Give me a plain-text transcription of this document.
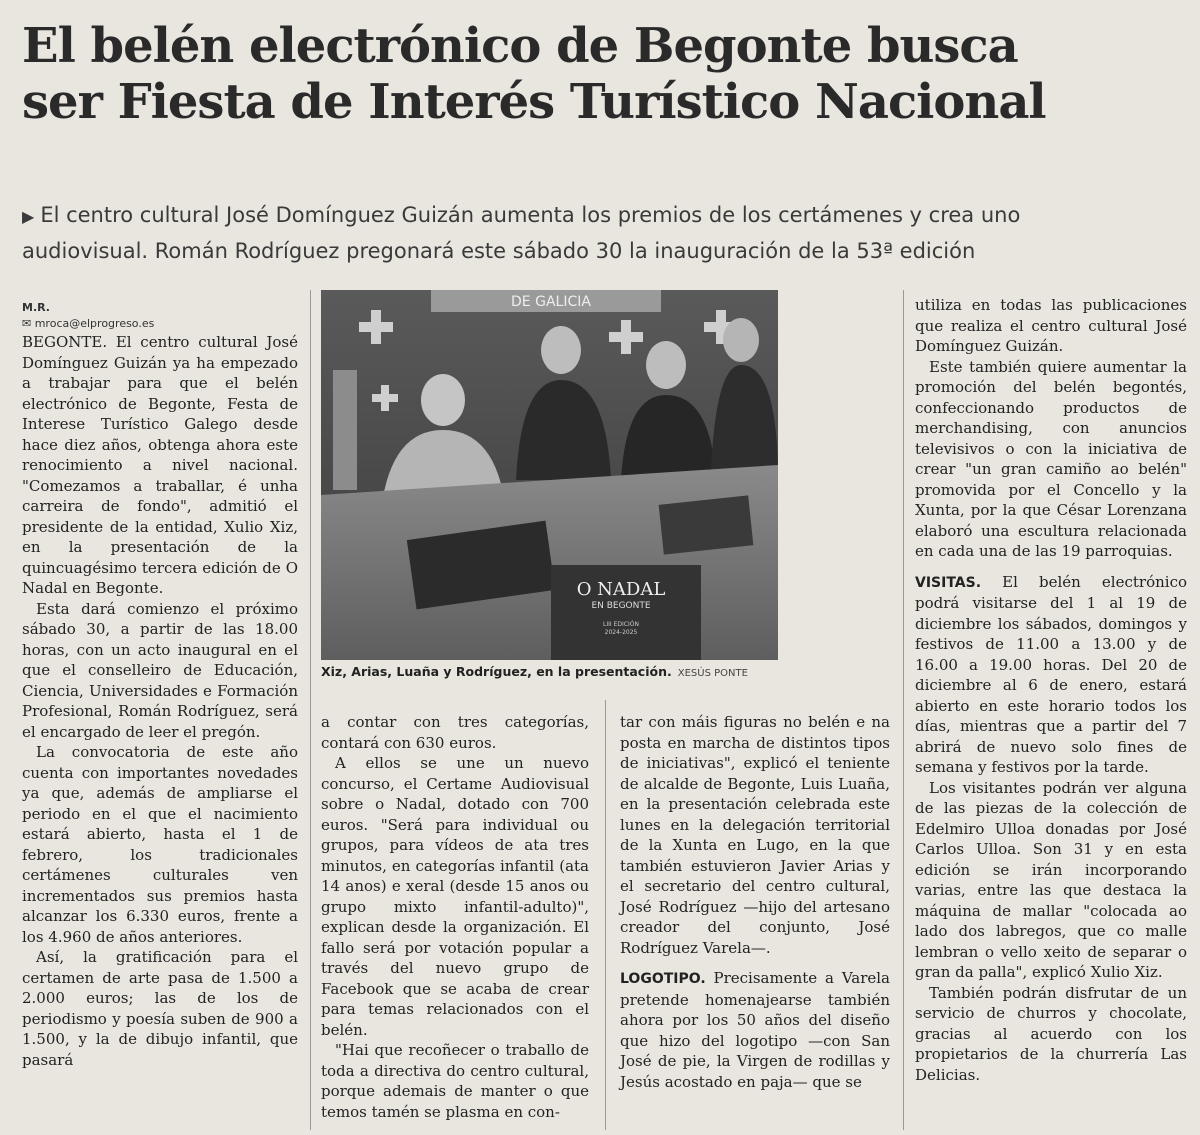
El belén electrónico de Begonte busca
ser Fiesta de Interés Turístico Nacional
▶ El centro cultural José Domínguez Guizán aumenta los premios de los certámenes y crea uno
audiovisual. Román Rodríguez pregonará este sábado 30 la inauguración de la 53ª edición
M.R.
✉ mroca@elprogreso.es

BEGONTE. El centro cultural José Domínguez Guizán ya ha empezado a trabajar para que el belén electrónico de Begonte, Festa de Interese Turístico Galego desde hace diez años, obtenga ahora este renocimiento a nivel nacional. "Comezamos a traballar, é unha carreira de fondo", admitió el presidente de la entidad, Xulio Xiz, en la presentación de la quincuagésimo tercera edición de O Nadal en Begonte.

Esta dará comienzo el próximo sábado 30, a partir de las 18.00 horas, con un acto inaugural en el que el conselleiro de Educación, Ciencia, Universidades e Formación Profesional, Román Rodríguez, será el encargado de leer el pregón.

La convocatoria de este año cuenta con importantes novedades ya que, además de ampliarse el periodo en el que el nacimiento estará abierto, hasta el 1 de febrero, los tradicionales certámenes culturales ven incrementados sus premios hasta alcanzar los 6.330 euros, frente a los 4.960 de años anteriores.

Así, la gratificación para el certamen de arte pasa de 1.500 a 2.000 euros; las de los de periodismo y poesía suben de 900 a 1.500, y la de dibujo infantil, que pasará

DE GALICIA
O NADAL
EN BEGONTE
LIII EDICIÓN
2024-2025
Xiz, Arias, Luaña y Rodríguez, en la presentación. XESÚS PONTE

a contar con tres categorías, contará con 630 euros.

A ellos se une un nuevo concurso, el Certame Audiovisual sobre o Nadal, dotado con 700 euros. "Será para individual ou grupos, para vídeos de ata tres minutos, en categorías infantil (ata 14 anos) e xeral (desde 15 anos ou grupo mixto infantil-adulto)", explican desde la organización. El fallo será por votación popular a través del nuevo grupo de Facebook que se acaba de crear para temas relacionados con el belén.

"Hai que recoñecer o traballo de toda a directiva do centro cultural, porque ademais de manter o que temos tamén se plasma en con-

tar con máis figuras no belén e na posta en marcha de distintos tipos de iniciativas", explicó el teniente de alcalde de Begonte, Luis Luaña, en la presentación celebrada este lunes en la delegación territorial de la Xunta en Lugo, en la que también estuvieron Javier Arias y el secretario del centro cultural, José Rodríguez —hijo del artesano creador del conjunto, José Rodríguez Varela—.

LOGOTIPO. Precisamente a Varela pretende homenajearse también ahora por los 50 años del diseño que hizo del logotipo —con San José de pie, la Virgen de rodillas y Jesús acostado en paja— que se

utiliza en todas las publicaciones que realiza el centro cultural José Domínguez Guizán.

Este también quiere aumentar la promoción del belén begontés, confeccionando productos de merchandising, con anuncios televisivos o con la iniciativa de crear "un gran camiño ao belén" promovida por el Concello y la Xunta, por la que César Lorenzana elaboró una escultura relacionada en cada una de las 19 parroquias.

VISITAS. El belén electrónico podrá visitarse del 1 al 19 de diciembre los sábados, domingos y festivos de 11.00 a 13.00 y de 16.00 a 19.00 horas. Del 20 de diciembre al 6 de enero, estará abierto en este horario todos los días, mientras que a partir del 7 abrirá de nuevo solo fines de semana y festivos por la tarde.

Los visitantes podrán ver alguna de las piezas de la colección de Edelmiro Ulloa donadas por José Carlos Ulloa. Son 31 y en esta edición se irán incorporando varias, entre las que destaca la máquina de mallar "colocada ao lado dos labregos, que co malle lembran o vello xeito de separar o gran da palla", explicó Xulio Xiz.

También podrán disfrutar de un servicio de churros y chocolate, gracias al acuerdo con los propietarios de la churrería Las Delicias.
